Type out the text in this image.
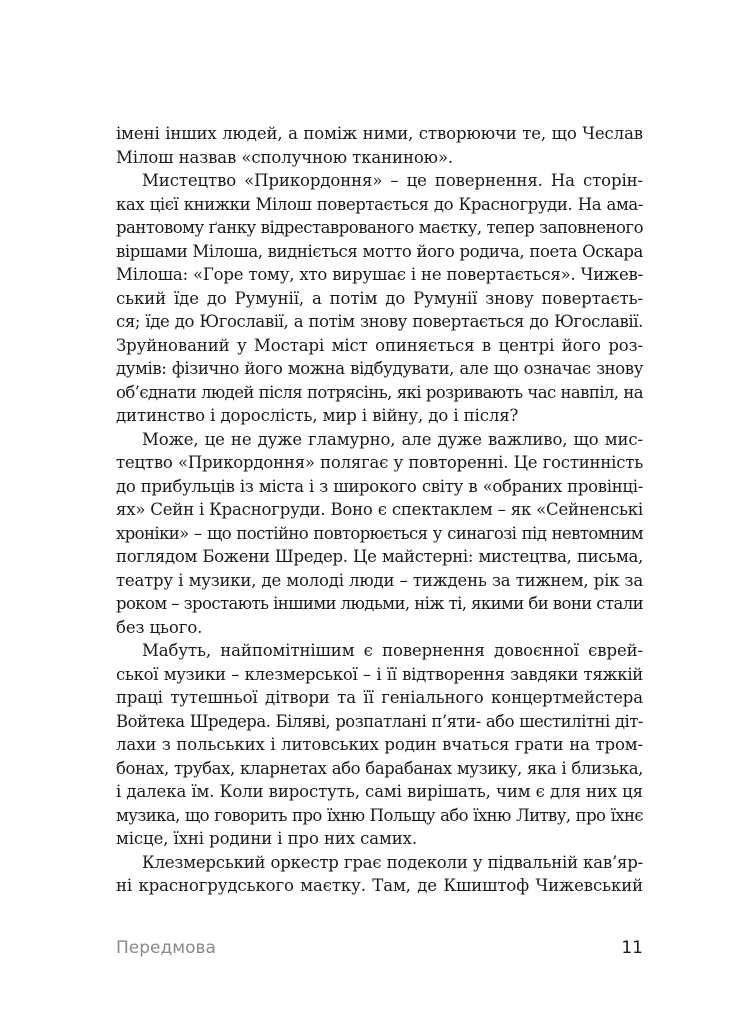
імені інших людей, а поміж ними, створюючи те, що Чеслав
Мілош назвав «сполучною тканиною».
Мистецтво «Прикордоння» – це повернення. На сторін-
ках цієї книжки Мілош повертається до Красногруди. На ама-
рантовому ґанку відреставрованого маєтку, тепер заповненого
віршами Мілоша, видніється мотто його родича, поета Оскара
Мілоша: «Горе тому, хто вирушає і не повертається». Чижев-
ський їде до Румунії, а потім до Румунії знову повертаєть-
ся; їде до Югославії, а потім знову повертається до Югославії.
Зруйнований у Мостарі міст опиняється в центрі його роз-
думів: фізично його можна відбудувати, але що означає знову
об’єднати людей після потрясінь, які розривають час навпіл, на
дитинство і дорослість, мир і війну, до і після?
Може, це не дуже гламурно, але дуже важливо, що мис-
тецтво «Прикордоння» полягає у повторенні. Це гостинність
до прибульців із міста і з широкого світу в «обраних провінці-
ях» Сейн і Красногруди. Воно є спектаклем – як «Сейненські
хроніки» – що постійно повторюється у синагозі під невтомним
поглядом Божени Шредер. Це майстерні: мистецтва, письма,
театру і музики, де молоді люди – тиждень за тижнем, рік за
роком – зростають іншими людьми, ніж ті, якими би вони стали
без цього.
Мабуть, найпомітнішим є повернення довоєнної єврей-
ської музики – клезмерської – і її відтворення завдяки тяжкій
праці тутешньої дітвори та її геніального концертмейстера
Войтека Шредера. Біляві, розпатлані п’яти- або шестилітні діт-
лахи з польських і литовських родин вчаться грати на тром-
бонах, трубах, кларнетах або барабанах музику, яка і близька,
і далека їм. Коли виростуть, самі вирішать, чим є для них ця
музика, що говорить про їхню Польщу або їхню Литву, про їхнє
місце, їхні родини і про них самих.
Клезмерський оркестр грає подеколи у підвальній кав’яр-
ні красногрудського маєтку. Там, де Кшиштоф Чижевський
Передмова	11
